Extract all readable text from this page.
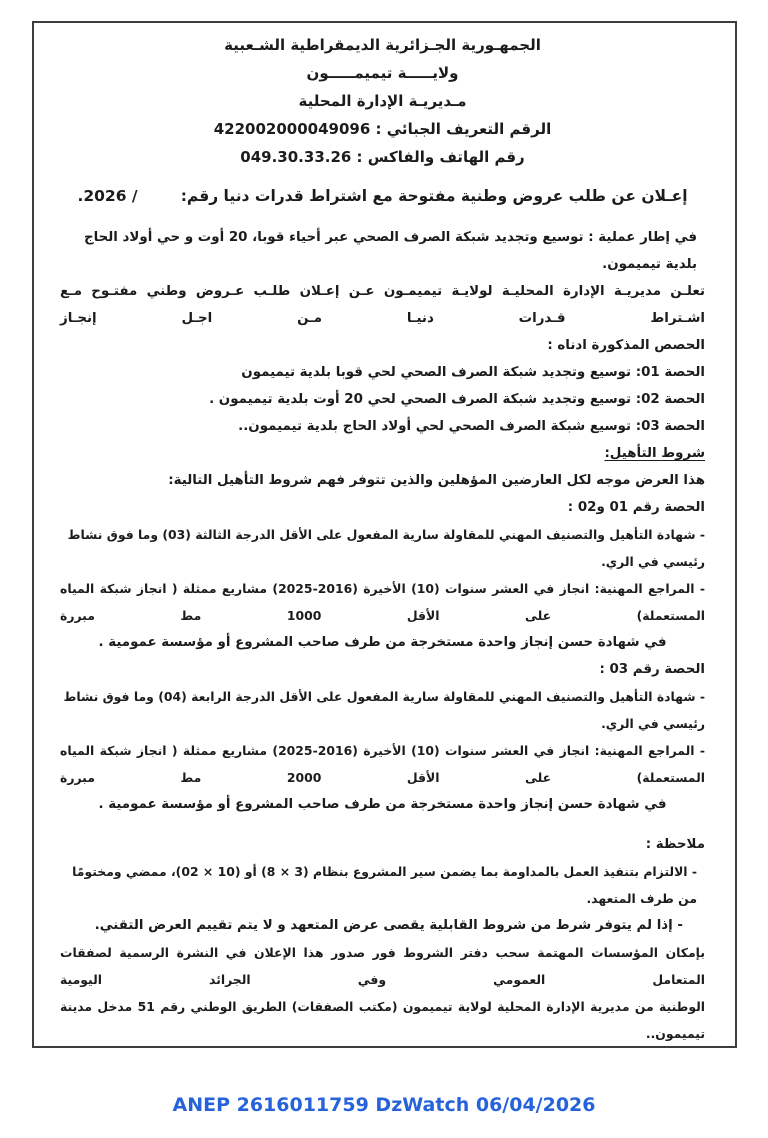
الجمهـورية الجـزائرية الديمقراطية الشـعبية
ولايـــــة تيميمـــــون
مـديريـة الإدارة المحلية
الرقم التعريف الجبائي : 422002000049096
رقم الهاتف والفاكس : 049.30.33.26
إعـلان عن طلب عروض وطنية مفتوحة مع اشتراط قدرات دنيا رقم:        / 2026.
في إطار عملية : توسيع وتجديد شبكة الصرف الصحي عبر أحياء قوبا، 20 أوت و حي أولاد الحاج بلدية تيميمون.
تعلـن مديريـة الإدارة المحليـة لولايـة تيميمـون عـن إعـلان طلـب عـروض وطني مفتـوح مـع اشـتراط قـدرات دنيـا مـن اجـل إنجـاز
الحصص المذكورة ادناه :
الحصة 01: توسيع وتجديد شبكة الصرف الصحي لحي قوبا بلدية تيميمون
الحصة 02: توسيع وتجديد شبكة الصرف الصحي لحي 20 أوت بلدية تيميمون .
الحصة 03: توسيع شبكة الصرف الصحي لحي أولاد الحاج بلدية تيميمون..
شروط التأهيل:
هذا العرض موجه لكل العارضين المؤهلين والذين تتوفر فهم شروط التأهيل التالية:
الحصة رقم 01 و02 :
- شهادة التأهيل والتصنيف المهني للمقاولة سارية المفعول على الأقل الدرجة الثالثة (03) وما فوق نشاط رئيسي في الري.
- المراجع المهنية: انجاز في العشر سنوات (10) الأخيرة (2016-2025) مشاريع ممثلة ( انجاز شبكة المياه المستعملة) على الأقل 1000 مط مبررة
في شهادة حسن إنجاز واحدة مستخرجة من طرف صاحب المشروع أو مؤسسة عمومية .
الحصة رقم 03 :
- شهادة التأهيل والتصنيف المهني للمقاولة سارية المفعول على الأقل الدرجة الرابعة (04) وما فوق نشاط رئيسي في الري.
- المراجع المهنية: انجاز في العشر سنوات (10) الأخيرة (2016-2025) مشاريع ممثلة ( انجاز شبكة المياه المستعملة) على الأقل 2000 مط مبررة
في شهادة حسن إنجاز واحدة مستخرجة من طرف صاحب المشروع أو مؤسسة عمومية .
ملاحظة :
- الالتزام بتنفيذ العمل بالمداومة بما يضمن سير المشروع بنظام (3 × 8) أو (10 × 02)، ممضي ومختومًا من طرف المتعهد.
- إذا لم يتوفر شرط من شروط القابلية يقصى عرض المتعهد و لا يتم تقييم العرض التقني.
بإمكان المؤسسات المهتمة سحب دفتر الشروط فور صدور هذا الإعلان في النشرة الرسمية لصفقات المتعامل العمومي وفي الجرائد اليومية
الوطنية من مديرية الإدارة المحلية لولاية تيميمون (مكتب الصفقات) الطريق الوطني رقم 51 مدخل مدينة تيميمون..
ANEP 2616011759 DzWatch 06/04/2026
